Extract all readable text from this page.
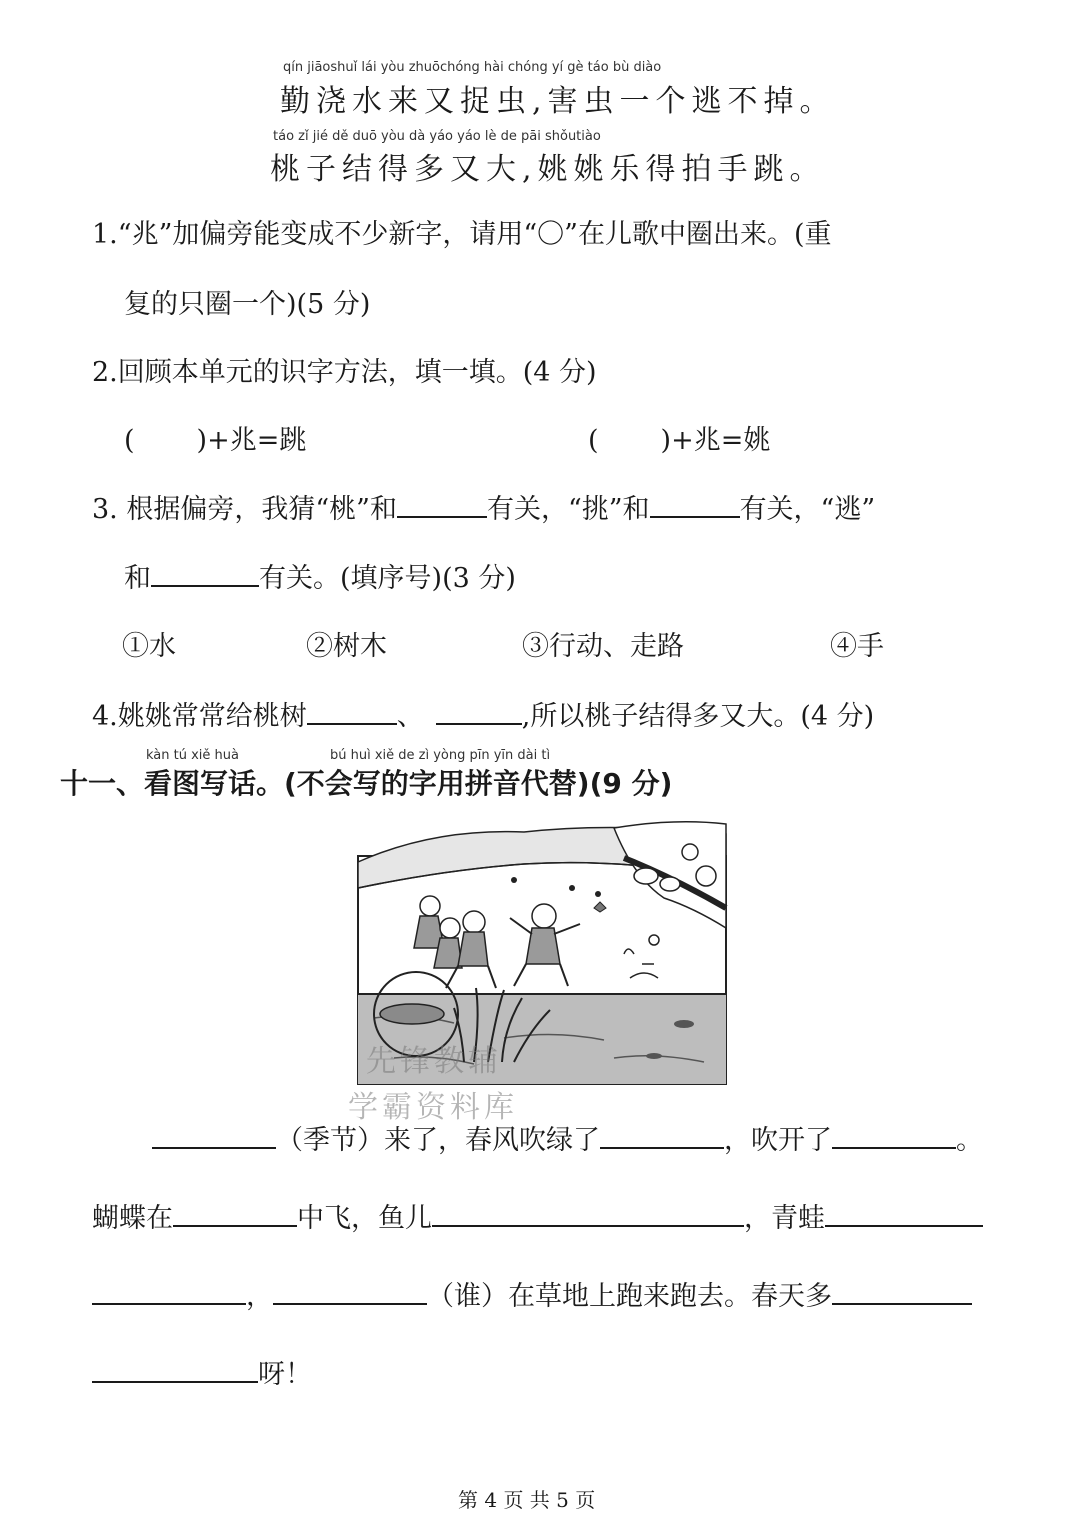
qín jiāoshuǐ lái yòu zhuōchóng hài chóng yí gè táo bù diào
勤浇水来又捉虫,害虫一个逃不掉。
táo zǐ jié dě duō yòu dà yáo yáo lè de pāi shǒutiào
桃子结得多又大,姚姚乐得拍手跳。
1.“兆”加偏旁能变成不少新字，请用“〇”在儿歌中圈出来。(重
复的只圈一个)(5 分)
2.回顾本单元的识字方法，填一填。(4 分)
( )+兆=跳	( )+兆=姚
3. 根据偏旁，我猜“桃”和	有关，“挑”和	有关，“逃”
和	有关。(填序号)(3 分)
①水	②树木	③行动、走路	④手
4.姚姚常常给桃树	、	,所以桃子结得多又大。(4 分)
kàn tú xiě huà	bú huì xiě de zì yòng pīn yīn dài tì
十一、看图写话。(不会写的字用拼音代替)(9 分)
先锋教辅
学霸资料库
（季节）来了，春风吹绿了	，吹开了	。
蝴蝶在	中飞，鱼儿	，青蛙
，	（谁）在草地上跑来跑去。春天多
呀！
第 4 页 共 5 页
